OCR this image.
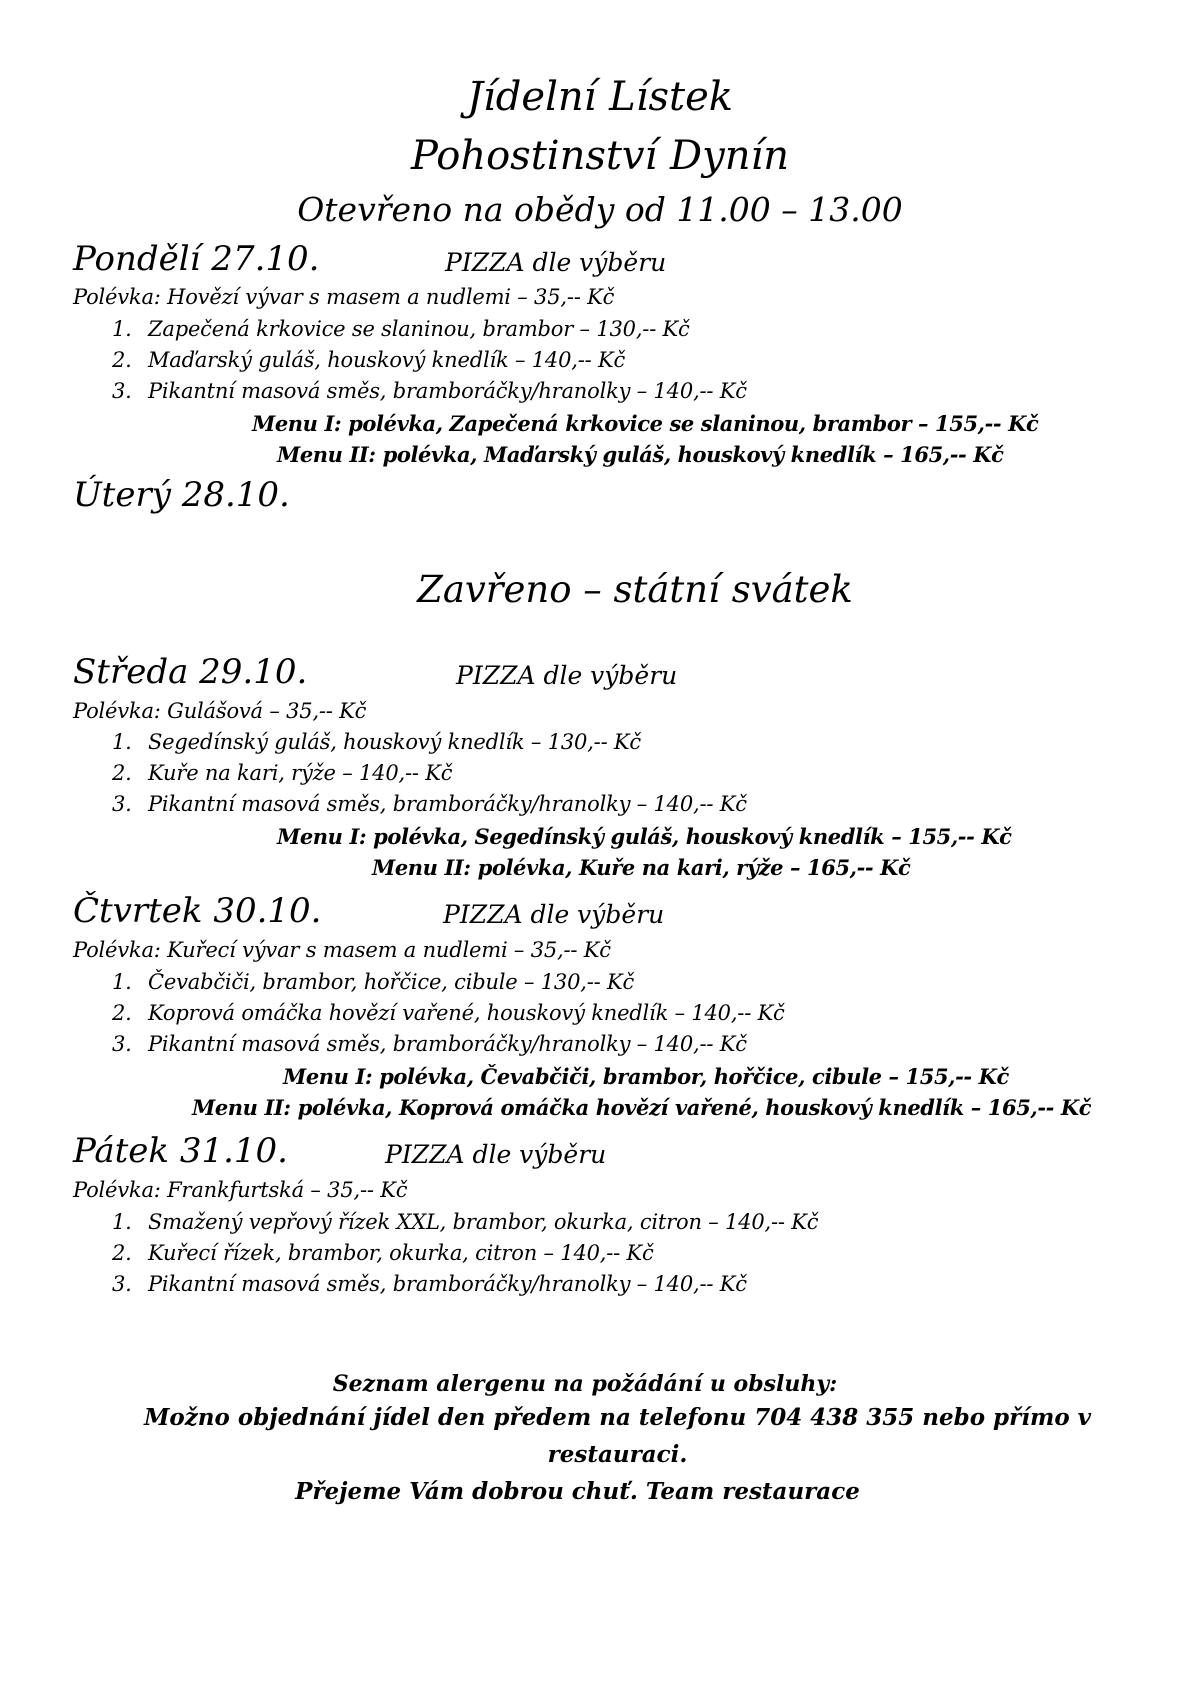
Jídelní Lístek
Pohostinství Dynín
Otevřeno na obědy od 11.00 – 13.00
Pondělí 27.10.	PIZZA dle výběru
Polévka: Hovězí vývar s masem a nudlemi – 35,-- Kč
1. Zapečená krkovice se slaninou, brambor – 130,-- Kč
2. Maďarský guláš, houskový knedlík – 140,-- Kč
3. Pikantní masová směs, bramboráčky/hranolky – 140,-- Kč
Menu I: polévka, Zapečená krkovice se slaninou, brambor – 155,-- Kč
Menu II: polévka, Maďarský guláš, houskový knedlík – 165,-- Kč
Úterý 28.10.
Zavřeno – státní svátek
Středa 29.10.	PIZZA dle výběru
Polévka: Gulášová – 35,-- Kč
1. Segedínský guláš, houskový knedlík – 130,-- Kč
2. Kuře na kari, rýže – 140,-- Kč
3. Pikantní masová směs, bramboráčky/hranolky – 140,-- Kč
Menu I: polévka, Segedínský guláš, houskový knedlík – 155,-- Kč
Menu II: polévka, Kuře na kari, rýže – 165,-- Kč
Čtvrtek 30.10.	PIZZA dle výběru
Polévka: Kuřecí vývar s masem a nudlemi – 35,-- Kč
1. Čevabčiči, brambor, hořčice, cibule – 130,-- Kč
2. Koprová omáčka hovězí vařené, houskový knedlík – 140,-- Kč
3. Pikantní masová směs, bramboráčky/hranolky – 140,-- Kč
Menu I: polévka, Čevabčiči, brambor, hořčice, cibule – 155,-- Kč
Menu II: polévka, Koprová omáčka hovězí vařené, houskový knedlík – 165,-- Kč
Pátek 31.10.	PIZZA dle výběru
Polévka: Frankfurtská – 35,-- Kč
1. Smažený vepřový řízek XXL, brambor, okurka, citron – 140,-- Kč
2. Kuřecí řízek, brambor, okurka, citron – 140,-- Kč
3. Pikantní masová směs, bramboráčky/hranolky – 140,-- Kč
Seznam alergenu na požádání u obsluhy:
Možno objednání jídel den předem na telefonu 704 438 355 nebo přímo v
restauraci.
Přejeme Vám dobrou chuť. Team restaurace
